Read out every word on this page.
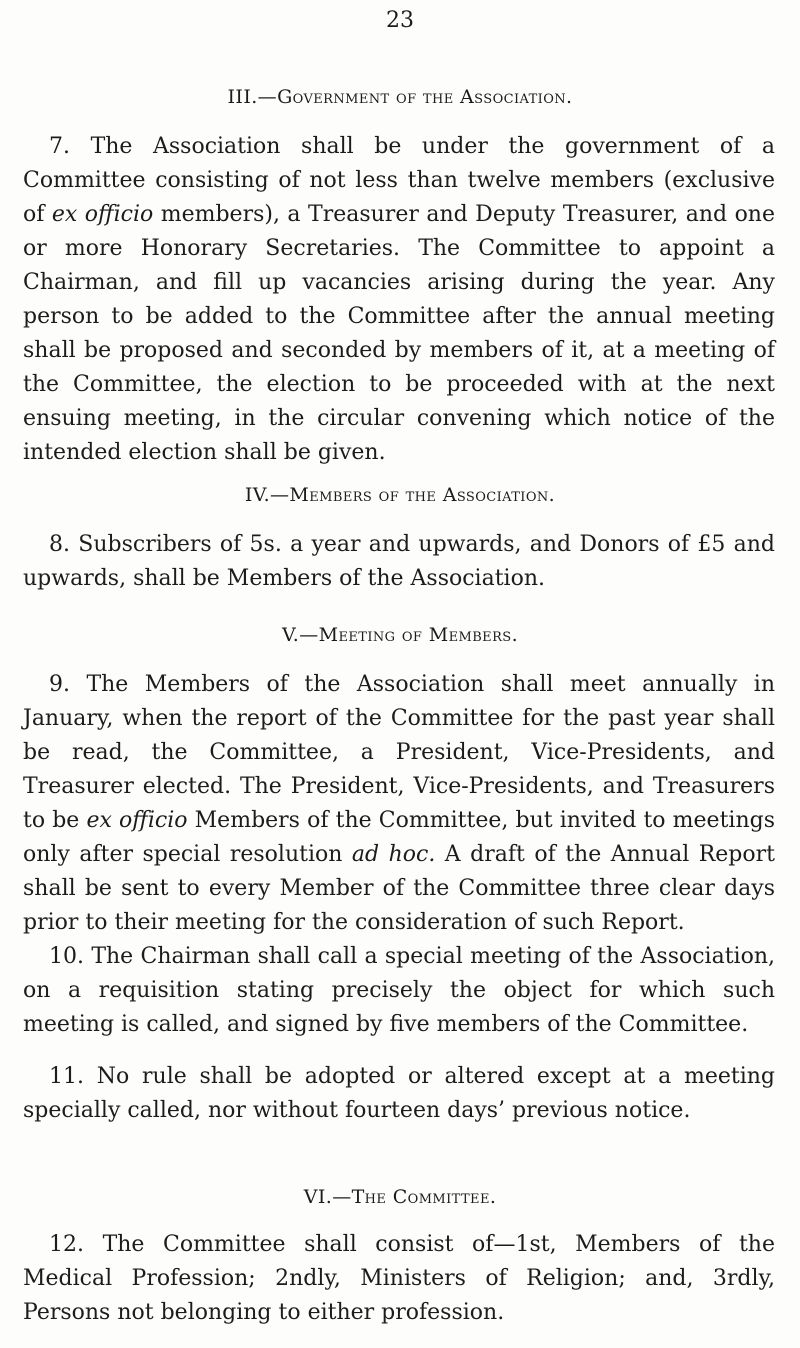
23
III.—Government of the Association.

7. The Association shall be under the government of a Committee consisting of not less than twelve members (exclusive of ex officio members), a Treasurer and Deputy Treasurer, and one or more Honorary Secretaries. The Committee to appoint a Chairman, and fill up vacancies arising during the year. Any person to be added to the Committee after the annual meeting shall be proposed and seconded by members of it, at a meeting of the Committee, the election to be proceeded with at the next ensuing meeting, in the circular convening which notice of the intended election shall be given.

IV.—Members of the Association.

8. Subscribers of 5s. a year and upwards, and Donors of £5 and upwards, shall be Members of the Association.

V.—Meeting of Members.

9. The Members of the Association shall meet annually in January, when the report of the Committee for the past year shall be read, the Committee, a President, Vice-Presidents, and Treasurer elected. The President, Vice-Presidents, and Treasurers to be ex officio Members of the Committee, but invited to meetings only after special resolution ad hoc. A draft of the Annual Report shall be sent to every Member of the Committee three clear days prior to their meeting for the consideration of such Report.

10. The Chairman shall call a special meeting of the Association, on a requisition stating precisely the object for which such meeting is called, and signed by five members of the Committee.

11. No rule shall be adopted or altered except at a meeting specially called, nor without fourteen days’ previous notice.

VI.—The Committee.

12. The Committee shall consist of—1st, Members of the Medical Profession; 2ndly, Ministers of Religion; and, 3rdly, Persons not belonging to either profession.
